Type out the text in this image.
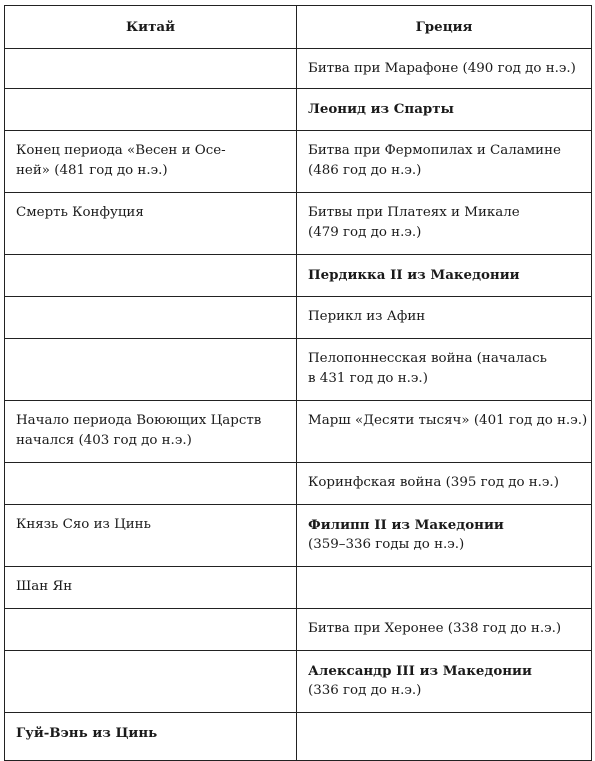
Китай	Греция

	Битва при Марафоне (490 год до н.э.)

	Леонид из Спарты

Конец периода «Весен и Осе-
ней» (481 год до н.э.)	Битва при Фермопилах и Саламине
(486 год до н.э.)

Смерть Конфуция	Битвы при Платеях и Микале
(479 год до н.э.)

	Пердикка II из Македонии

	Перикл из Афин

	Пелопоннесская война (началась
в 431 год до н.э.)

Начало периода Воюющих Царств
начался (403 год до н.э.)	Марш «Десяти тысяч» (401 год до н.э.)

	Коринфская война (395 год до н.э.)

Князь Сяо из Цинь	Филипп II из Македонии
(359–336 годы до н.э.)

Шан Ян	

	Битва при Херонее (338 год до н.э.)

	Александр III из Македонии
(336 год до н.э.)

Гуй-Вэнь из Цинь	
